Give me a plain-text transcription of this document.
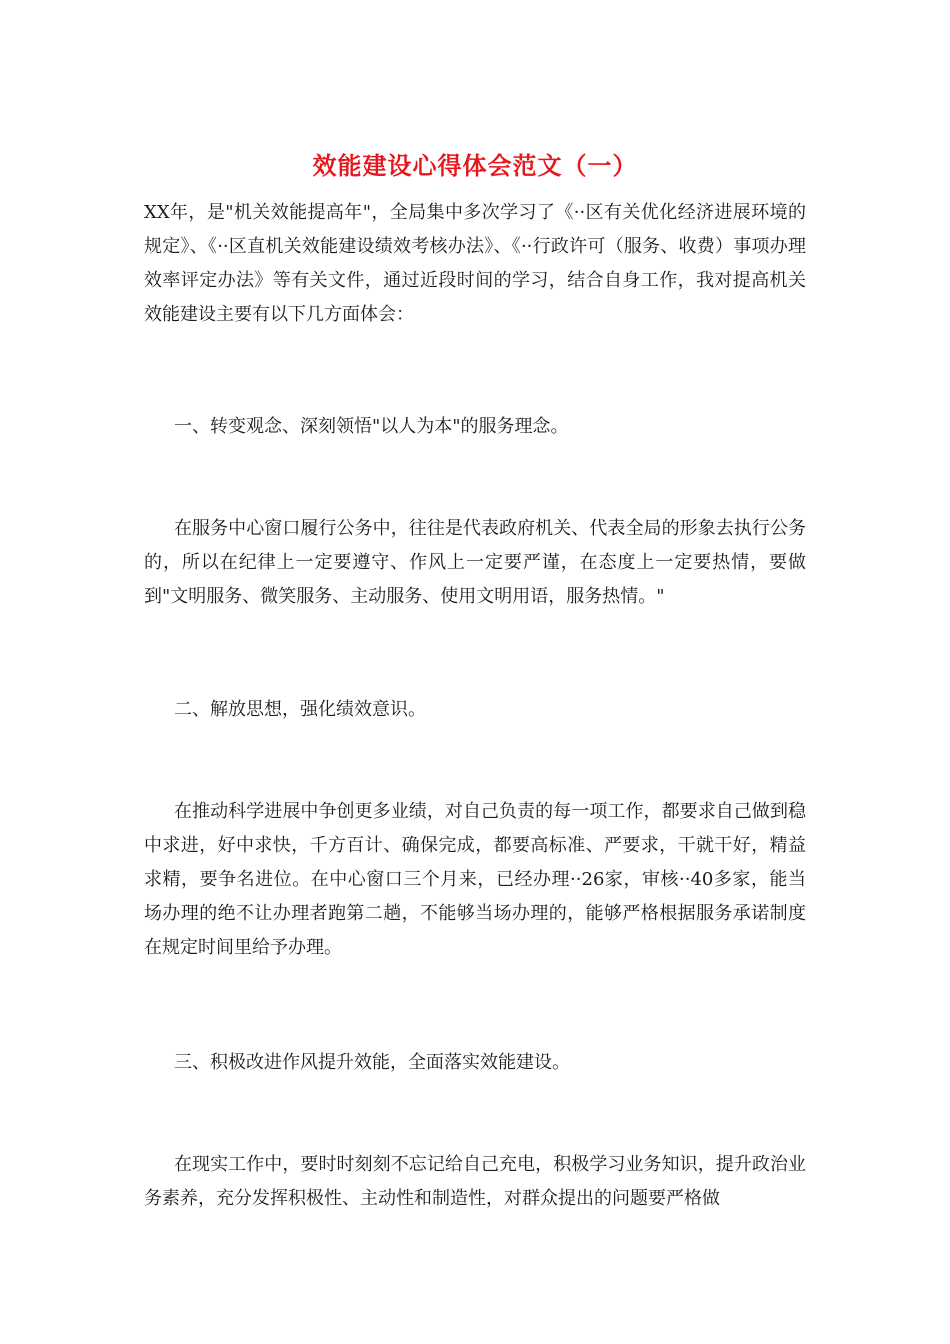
效能建设心得体会范文（一）

XX年，是"机关效能提高年"，全局集中多次学习了《··区有关优化经济进展环境的规定》、《··区直机关效能建设绩效考核办法》、《··行政许可（服务、收费）事项办理效率评定办法》等有关文件，通过近段时间的学习，结合自身工作，我对提高机关效能建设主要有以下几方面体会：

一、转变观念、深刻领悟"以人为本"的服务理念。

在服务中心窗口履行公务中，往往是代表政府机关、代表全局的形象去执行公务的，所以在纪律上一定要遵守、作风上一定要严谨，在态度上一定要热情，要做到"文明服务、微笑服务、主动服务、使用文明用语，服务热情。"

二、解放思想，强化绩效意识。

在推动科学进展中争创更多业绩，对自己负责的每一项工作，都要求自己做到稳中求进，好中求快，千方百计、确保完成，都要高标准、严要求，干就干好，精益求精，要争名进位。在中心窗口三个月来，已经办理··26家，审核··40多家，能当场办理的绝不让办理者跑第二趟，不能够当场办理的，能够严格根据服务承诺制度在规定时间里给予办理。

三、积极改进作风提升效能，全面落实效能建设。

在现实工作中，要时时刻刻不忘记给自己充电，积极学习业务知识，提升政治业务素养，充分发挥积极性、主动性和制造性，对群众提出的问题要严格做
